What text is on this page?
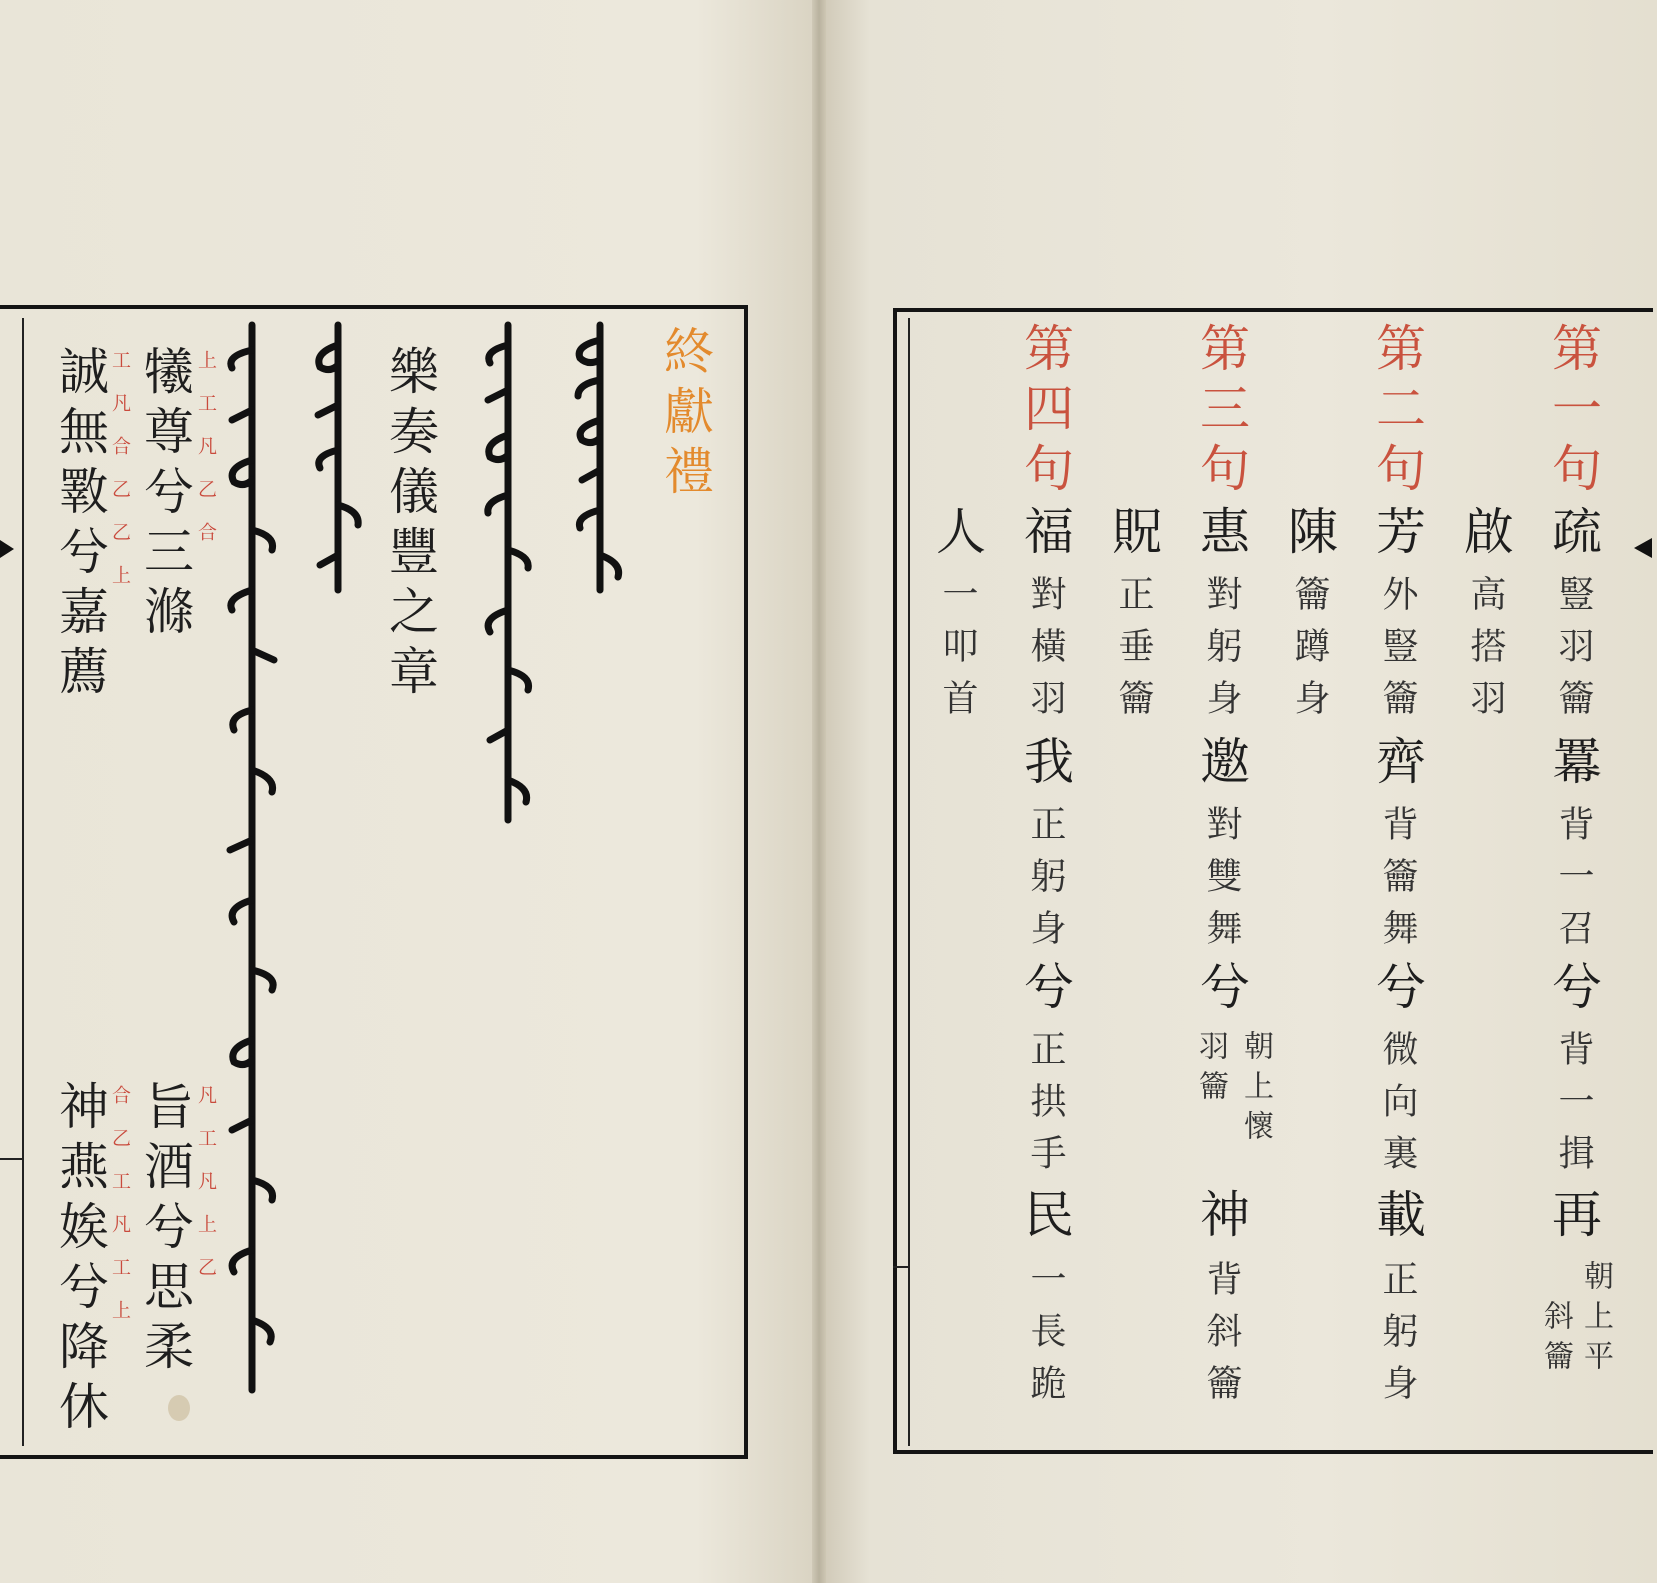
終獻禮
樂奏儀豐之章
犧尊兮三滌
誠無斁兮嘉薦
旨酒兮思柔
神燕娭兮降休
上工凡乙合
工凡合乙乙上
凡工凡上乙
合乙工凡工上
第一句
疏
豎羽籥
羃
背一召
兮
背一揖
再
朝上平
斜籥
啟
高搭羽
第二句
芳
外豎籥
齊
背籥舞
兮
微向裏
載
正躬身
陳
籥蹲身
第三句
惠
對躬身
邀
對雙舞
兮
朝上懷
羽籥
神
背斜籥
貺
正垂籥
第四句
福
對橫羽
我
正躬身
兮
正拱手
民
一長跪
人
一叩首
